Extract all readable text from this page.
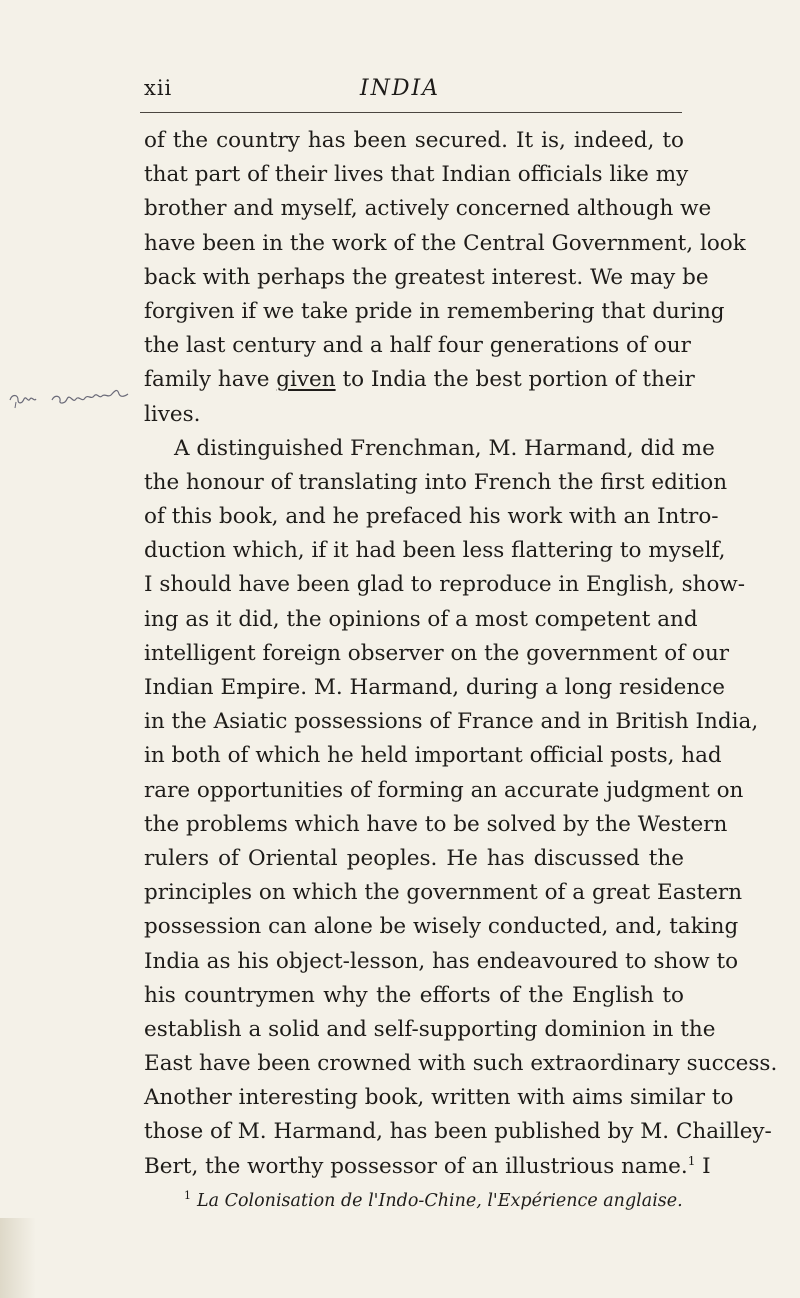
xii	INDIA
of the country has been secured. It is, indeed, to
that part of their lives that Indian officials like my
brother and myself, actively concerned although we
have been in the work of the Central Government, look
back with perhaps the greatest interest. We may be
forgiven if we take pride in remembering that during
the last century and a half four generations of our
family have given to India the best portion of their
lives.
A distinguished Frenchman, M. Harmand, did me
the honour of translating into French the first edition
of this book, and he prefaced his work with an Intro-
duction which, if it had been less flattering to myself,
I should have been glad to reproduce in English, show-
ing as it did, the opinions of a most competent and
intelligent foreign observer on the government of our
Indian Empire. M. Harmand, during a long residence
in the Asiatic possessions of France and in British India,
in both of which he held important official posts, had
rare opportunities of forming an accurate judgment on
the problems which have to be solved by the Western
rulers of Oriental peoples. He has discussed the
principles on which the government of a great Eastern
possession can alone be wisely conducted, and, taking
India as his object-lesson, has endeavoured to show to
his countrymen why the efforts of the English to
establish a solid and self-supporting dominion in the
East have been crowned with such extraordinary success.
Another interesting book, written with aims similar to
those of M. Harmand, has been published by M. Chailley-
Bert, the worthy possessor of an illustrious name.$^1$ I
$^1$ La Colonisation de l'Indo-Chine, l'Expérience anglaise.
